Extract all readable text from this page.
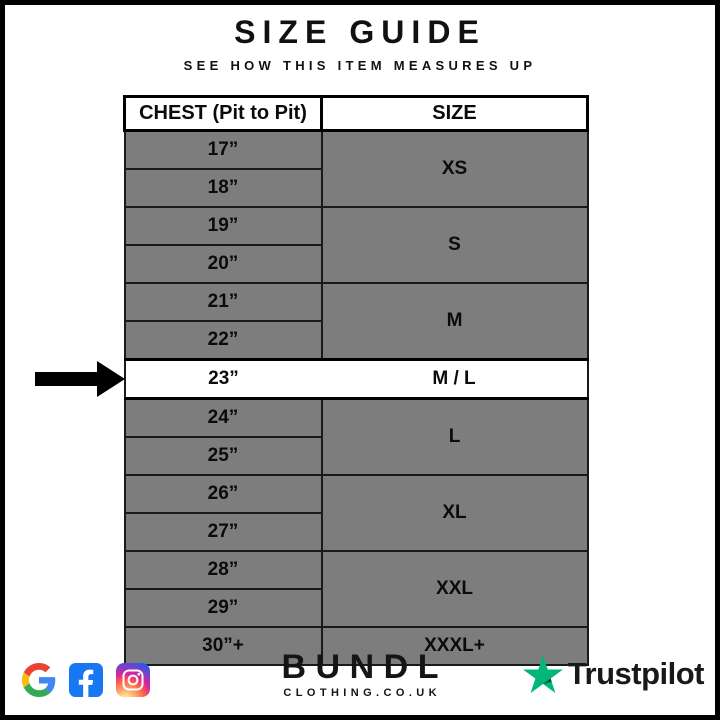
SIZE GUIDE
SEE HOW THIS ITEM MEASURES UP
CHEST (Pit to Pit)	SIZE
17”	XS
18”	
19”	S
20”	
21”	M
22”	

23” M / L	

24”	L
25”	
26”	XL
27”	
28”	XXL
29”	
30”+	XXXL+
BUNDL
CLOTHING.CO.UK
Trustpilot
